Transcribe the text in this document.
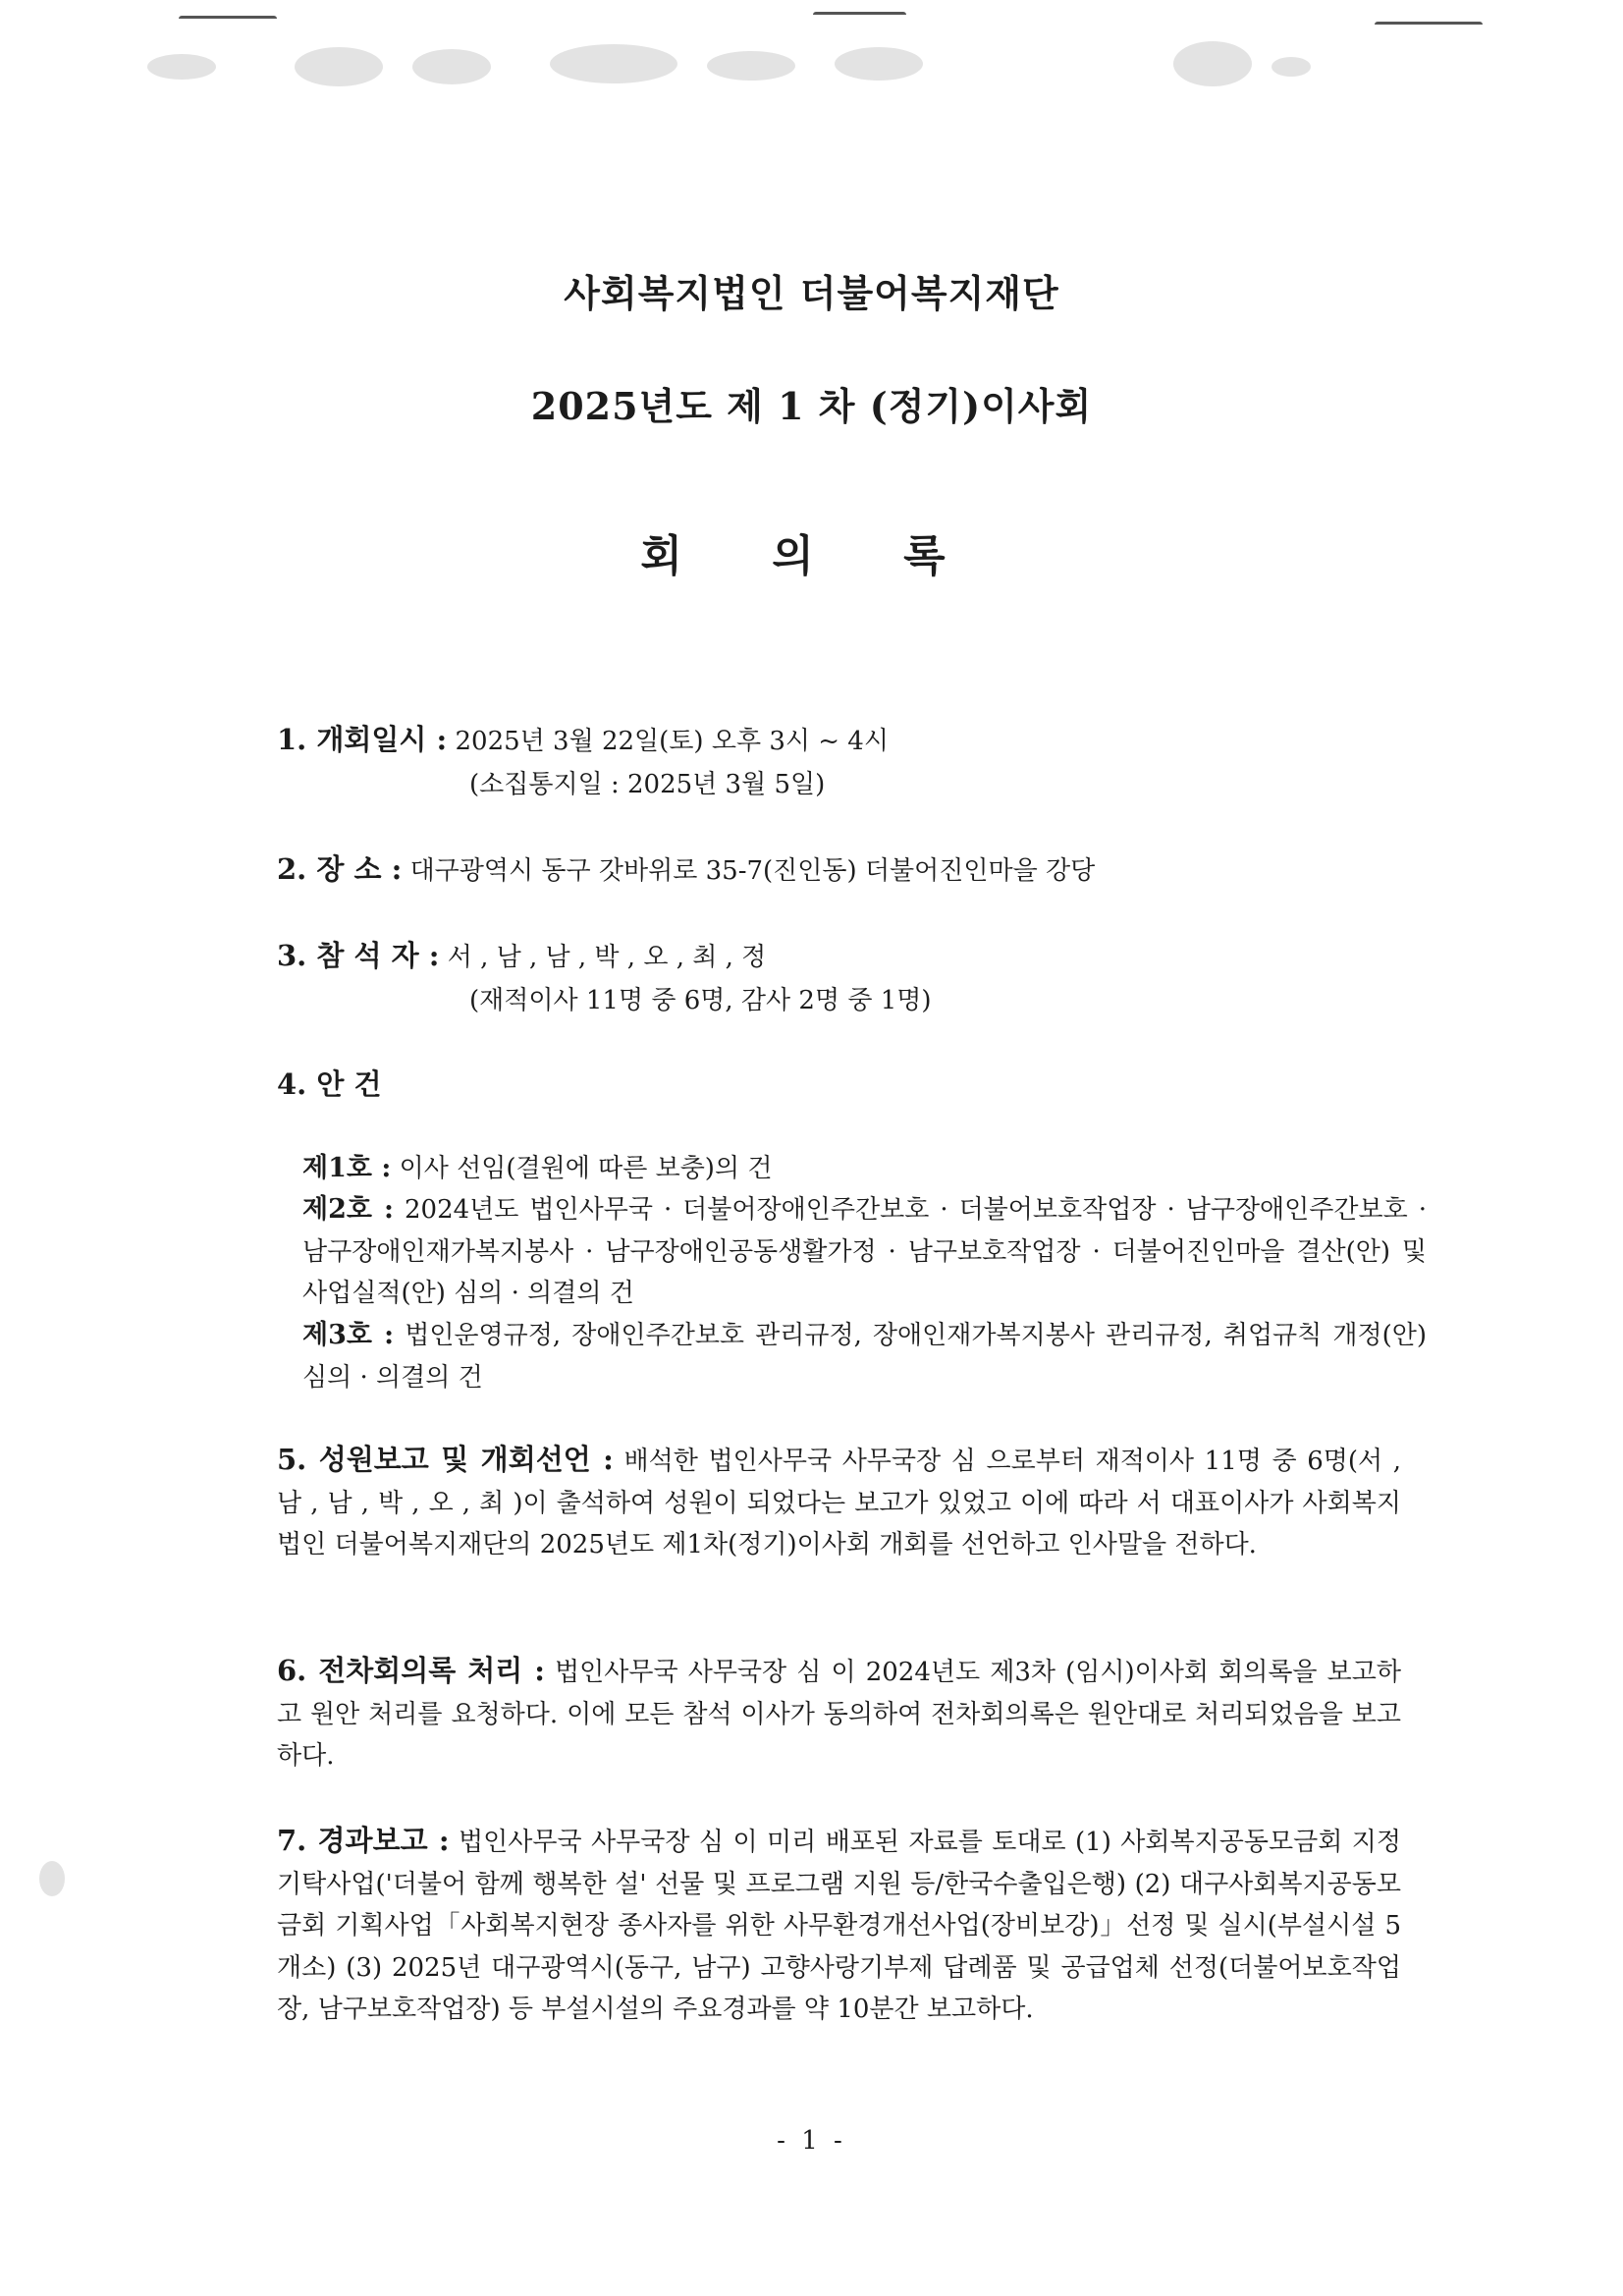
사회복지법인 더불어복지재단
2025년도 제 1 차 (정기)이사회
회 의 록
1. 개회일시 : 2025년 3월 22일(토) 오후 3시 ~ 4시
(소집통지일 : 2025년 3월 5일)
2. 장 소 : 대구광역시 동구 갓바위로 35-7(진인동) 더불어진인마을 강당
3. 참 석 자 : 서 , 남 , 남 , 박 , 오 , 최 , 정
(재적이사 11명 중 6명, 감사 2명 중 1명)
4. 안 건
제1호 : 이사 선임(결원에 따른 보충)의 건
제2호 : 2024년도 법인사무국 · 더불어장애인주간보호 · 더불어보호작업장 · 남구장애인주간보호 · 남구장애인재가복지봉사 · 남구장애인공동생활가정 · 남구보호작업장 · 더불어진인마을 결산(안) 및 사업실적(안) 심의 · 의결의 건
제3호 : 법인운영규정, 장애인주간보호 관리규정, 장애인재가복지봉사 관리규정, 취업규칙 개정(안) 심의 · 의결의 건
5. 성원보고 및 개회선언 : 배석한 법인사무국 사무국장 심 으로부터 재적이사 11명 중 6명(서 , 남 , 남 , 박 , 오 , 최 )이 출석하여 성원이 되었다는 보고가 있었고 이에 따라 서 대표이사가 사회복지법인 더불어복지재단의 2025년도 제1차(정기)이사회 개회를 선언하고 인사말을 전하다.
6. 전차회의록 처리 : 법인사무국 사무국장 심 이 2024년도 제3차 (임시)이사회 회의록을 보고하고 원안 처리를 요청하다. 이에 모든 참석 이사가 동의하여 전차회의록은 원안대로 처리되었음을 보고하다.
7. 경과보고 : 법인사무국 사무국장 심 이 미리 배포된 자료를 토대로 (1) 사회복지공동모금회 지정기탁사업('더불어 함께 행복한 설' 선물 및 프로그램 지원 등/한국수출입은행) (2) 대구사회복지공동모금회 기획사업「사회복지현장 종사자를 위한 사무환경개선사업(장비보강)」선정 및 실시(부설시설 5개소) (3) 2025년 대구광역시(동구, 남구) 고향사랑기부제 답례품 및 공급업체 선정(더불어보호작업장, 남구보호작업장) 등 부설시설의 주요경과를 약 10분간 보고하다.
- 1 -
